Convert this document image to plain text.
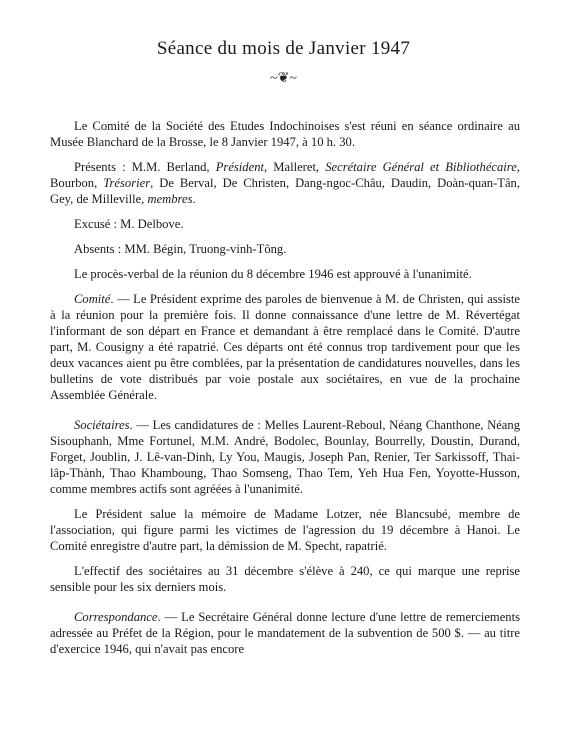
Séance du mois de Janvier 1947
~❦~

Le Comité de la Société des Etudes Indochinoises s'est réuni en séance ordinaire au Musée Blanchard de la Brosse, le 8 Janvier 1947, à 10 h. 30.

Présents : M.M. Berland, Président, Malleret, Secrétaire Général et Bibliothécaire, Bourbon, Trésorier, De Berval, De Christen, Dang-ngoc-Châu, Daudin, Doàn-quan-Tân, Gey, de Milleville, membres.

Excusé : M. Delbove.

Absents : MM. Bégin, Truong-vinh-Tông.

Le procès-verbal de la réunion du 8 décembre 1946 est approuvé à l'unanimité.

Comité. — Le Président exprime des paroles de bienvenue à M. de Christen, qui assiste à la réunion pour la première fois. Il donne connaissance d'une lettre de M. Révertégat l'informant de son départ en France et demandant à être remplacé dans le Comité. D'autre part, M. Cousigny a été rapatrié. Ces départs ont été connus trop tardivement pour que les deux vacances aient pu être comblées, par la présentation de candidatures nouvelles, dans les bulletins de vote distribués par voie postale aux sociétaires, en vue de la prochaine Assemblée Générale.

Sociétaires. — Les candidatures de : Melles Laurent-Reboul, Néang Chanthone, Néang Sisouphanh, Mme Fortunel, M.M. André, Bodolec, Bounlay, Bourrelly, Doustin, Durand, Forget, Joublin, J. Lê-van-Dinh, Ly You, Maugis, Joseph Pan, Renier, Ter Sarkissoff, Thai-lâp-Thành, Thao Khamboung, Thao Somseng, Thao Tem, Yeh Hua Fen, Yoyotte-Husson, comme membres actifs sont agréées à l'unanimité.

Le Président salue la mémoire de Madame Lotzer, née Blancsubé, membre de l'association, qui figure parmi les victimes de l'agression du 19 décembre à Hanoi. Le Comité enregistre d'autre part, la démission de M. Specht, rapatrié.

L'effectif des sociétaires au 31 décembre s'élève à 240, ce qui marque une reprise sensible pour les six derniers mois.

Correspondance. — Le Secrétaire Général donne lecture d'une lettre de remerciements adressée au Préfet de la Région, pour le mandatement de la subvention de 500 $. — au titre d'exercice 1946, qui n'avait pas encore
